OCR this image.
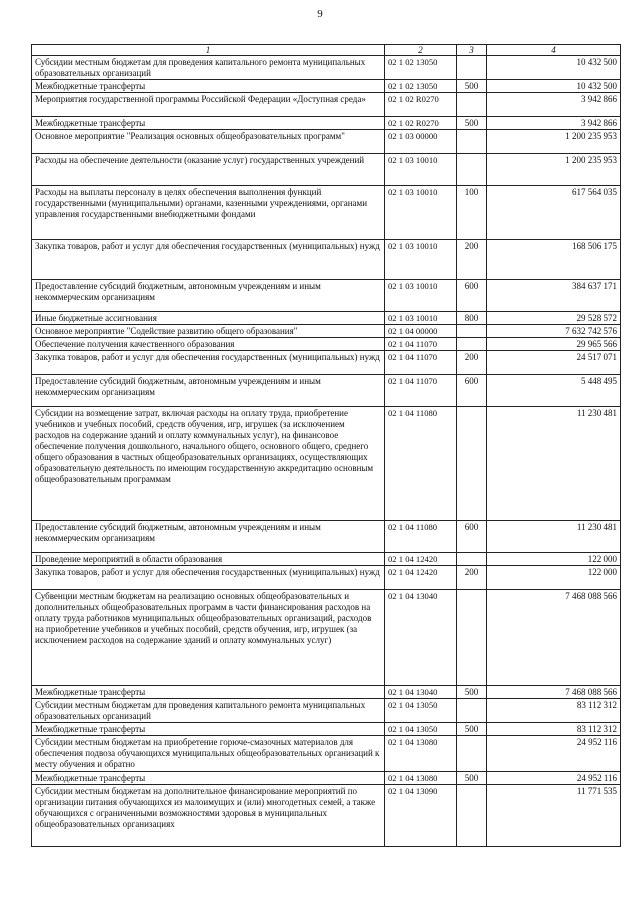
9
1	2	3	4
Субсидии местным бюджетам для проведения капитального ремонта муниципальных образовательных организаций	02 1 02 13050		10 432 500
Межбюджетные трансферты	02 1 02 13050	500	10 432 500
Мероприятия государственной программы Российской Федерации «Доступная среда»	02 1 02 R0270		3 942 866
Межбюджетные трансферты	02 1 02 R0270	500	3 942 866
Основное мероприятие "Реализация основных общеобразовательных программ"	02 1 03 00000		1 200 235 953
Расходы на обеспечение деятельности (оказание услуг) государственных учреждений	02 1 03 10010		1 200 235 953
Расходы на выплаты персоналу в целях обеспечения выполнения функций государственными (муниципальными) органами, казенными учреждениями, органами управления государственными внебюджетными фондами	02 1 03 10010	100	617 564 035
Закупка товаров, работ и услуг для обеспечения государственных (муниципальных) нужд	02 1 03 10010	200	168 506 175
Предоставление субсидий бюджетным, автономным учреждениям и иным некоммерческим организациям	02 1 03 10010	600	384 637 171
Иные бюджетные ассигнования	02 1 03 10010	800	29 528 572
Основное мероприятие "Содействие развитию общего образования"	02 1 04 00000		7 632 742 576
Обеспечение получения качественного образования	02 1 04 11070		29 965 566
Закупка товаров, работ и услуг для обеспечения государственных (муниципальных) нужд	02 1 04 11070	200	24 517 071
Предоставление субсидий бюджетным, автономным учреждениям и иным некоммерческим организациям	02 1 04 11070	600	5 448 495
Субсидии на возмещение затрат, включая расходы на оплату труда, приобретение учебников и учебных пособий, средств обучения, игр, игрушек (за исключением расходов на содержание зданий и оплату коммунальных услуг), на финансовое обеспечение получения дошкольного, начального общего, основного общего, среднего общего образования в частных общеобразовательных организациях, осуществляющих образовательную деятельность по имеющим государственную аккредитацию основным общеобразовательным программам	02 1 04 11080		11 230 481
Предоставление субсидий бюджетным, автономным учреждениям и иным некоммерческим организациям	02 1 04 11080	600	11 230 481
Проведение мероприятий в области образования	02 1 04 12420		122 000
Закупка товаров, работ и услуг для обеспечения государственных (муниципальных) нужд	02 1 04 12420	200	122 000
Субвенции местным бюджетам на реализацию основных общеобразовательных и дополнительных общеобразовательных программ в части финансирования расходов на оплату труда работников муниципальных общеобразовательных организаций, расходов на приобретение учебников и учебных пособий, средств обучения, игр, игрушек (за исключением расходов на содержание зданий и оплату коммунальных услуг)	02 1 04 13040		7 468 088 566
Межбюджетные трансферты	02 1 04 13040	500	7 468 088 566
Субсидии местным бюджетам для проведения капитального ремонта муниципальных образовательных организаций	02 1 04 13050		83 112 312
Межбюджетные трансферты	02 1 04 13050	500	83 112 312
Субсидии местным бюджетам на приобретение горюче-смазочных материалов для обеспечения подвоза обучающихся муниципальных общеобразовательных организаций к месту обучения и обратно	02 1 04 13080		24 952 116
Межбюджетные трансферты	02 1 04 13080	500	24 952 116
Субсидии местным бюджетам на дополнительное финансирование мероприятий по организации питания обучающихся из малоимущих и (или) многодетных семей, а также обучающихся с ограниченными возможностями здоровья в муниципальных общеобразовательных организациях	02 1 04 13090		11 771 535
